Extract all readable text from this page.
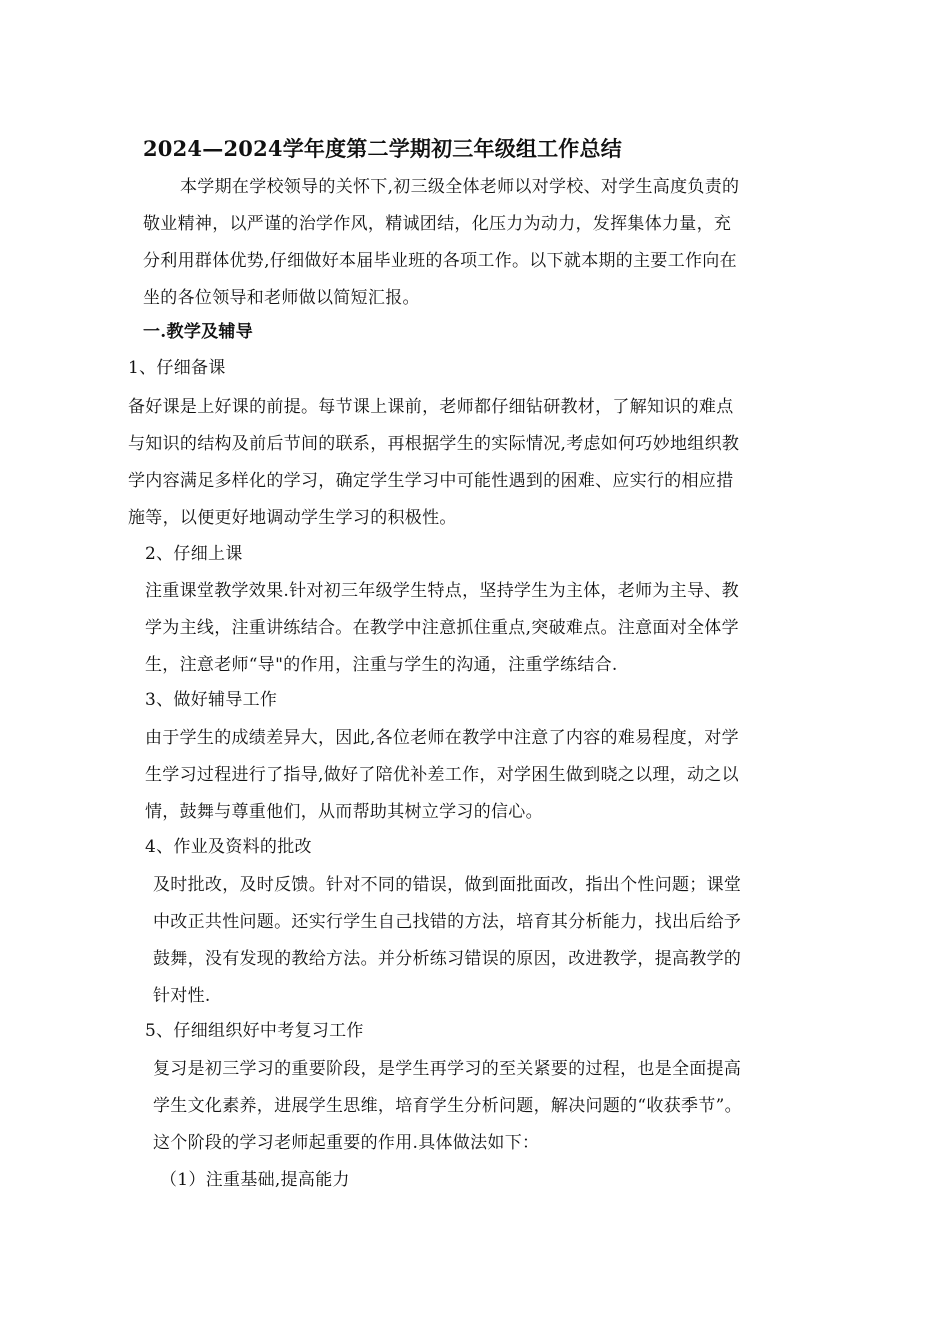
2024—2024学年度第二学期初三年级组工作总结
本学期在学校领导的关怀下,初三级全体老师以对学校、对学生高度负责的
敬业精神，以严谨的治学作风，精诚团结，化压力为动力，发挥集体力量，充
分利用群体优势,仔细做好本届毕业班的各项工作。以下就本期的主要工作向在
坐的各位领导和老师做以简短汇报。
一.教学及辅导
1、仔细备课
备好课是上好课的前提。每节课上课前，老师都仔细钻研教材，了解知识的难点
与知识的结构及前后节间的联系，再根据学生的实际情况,考虑如何巧妙地组织教
学内容满足多样化的学习，确定学生学习中可能性遇到的困难、应实行的相应措
施等，以便更好地调动学生学习的积极性。
2、仔细上课
注重课堂教学效果.针对初三年级学生特点，坚持学生为主体，老师为主导、教
学为主线，注重讲练结合。在教学中注意抓住重点,突破难点。注意面对全体学
生，注意老师“导"的作用，注重与学生的沟通，注重学练结合.
3、做好辅导工作
由于学生的成绩差异大，因此,各位老师在教学中注意了内容的难易程度，对学
生学习过程进行了指导,做好了陪优补差工作，对学困生做到晓之以理，动之以
情，鼓舞与尊重他们，从而帮助其树立学习的信心。
4、作业及资料的批改
及时批改，及时反馈。针对不同的错误，做到面批面改，指出个性问题；课堂
中改正共性问题。还实行学生自己找错的方法，培育其分析能力，找出后给予
鼓舞，没有发现的教给方法。并分析练习错误的原因，改进教学，提高教学的
针对性.
5、仔细组织好中考复习工作
复习是初三学习的重要阶段，是学生再学习的至关紧要的过程，也是全面提高
学生文化素养，进展学生思维，培育学生分析问题，解决问题的“收获季节”。
这个阶段的学习老师起重要的作用.具体做法如下：
（1）注重基础,提高能力
